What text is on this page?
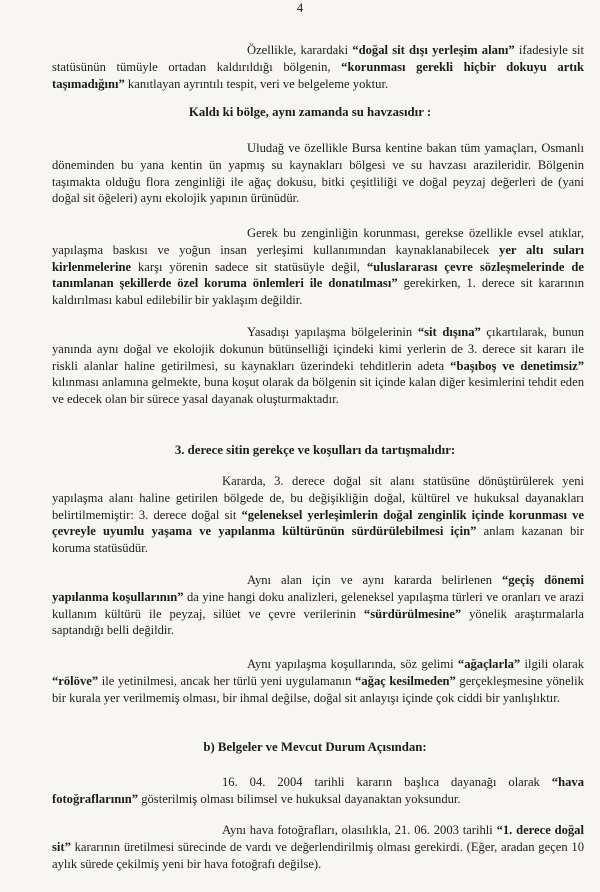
4

Özellikle, karardaki “doğal sit dışı yerleşim alanı” ifadesiyle sit statüsünün tümüyle ortadan kaldırıldığı bölgenin, “korunması gerekli hiçbir dokuyu artık taşımadığını” kanıtlayan ayrıntılı tespit, veri ve belgeleme yoktur.

Kaldı ki bölge, aynı zamanda su havzasıdır :

Uludağ ve özellikle Bursa kentine bakan tüm yamaçları, Osmanlı döneminden bu yana kentin ün yapmış su kaynakları bölgesi ve su havzası arazileridir. Bölgenin taşımakta olduğu flora zenginliği ile ağaç dokusu, bitki çeşitliliği ve doğal peyzaj değerleri de (yani doğal sit öğeleri) aynı ekolojik yapının ürünüdür.

Gerek bu zenginliğin korunması, gerekse özellikle evsel atıklar, yapılaşma baskısı ve yoğun insan yerleşimi kullanımından kaynaklanabilecek yer altı suları kirlenmelerine karşı yörenin sadece sit statüsüyle değil, “uluslararası çevre sözleşmelerinde de tanımlanan şekillerde özel koruma önlemleri ile donatılması” gerekirken, 1. derece sit kararının kaldırılması kabul edilebilir bir yaklaşım değildir.

Yasadışı yapılaşma bölgelerinin “sit dışına” çıkartılarak, bunun yanında aynı doğal ve ekolojik dokunun bütünselliği içindeki kimi yerlerin de 3. derece sit kararı ile riskli alanlar haline getirilmesi, su kaynakları üzerindeki tehditlerin adeta “başıboş ve denetimsiz” kılınması anlamına gelmekte, buna koşut olarak da bölgenin sit içinde kalan diğer kesimlerini tehdit eden ve edecek olan bir sürece yasal dayanak oluşturmaktadır.

3. derece sitin gerekçe ve koşulları da tartışmalıdır:

Kararda, 3. derece doğal sit alanı statüsüne dönüştürülerek yeni yapılaşma alanı haline getirilen bölgede de, bu değişikliğin doğal, kültürel ve hukuksal dayanakları belirtilmemiştir: 3. derece doğal sit “geleneksel yerleşimlerin doğal zenginlik içinde korunması ve çevreyle uyumlu yaşama ve yapılanma kültürünün sürdürülebilmesi için” anlam kazanan bir koruma statüsüdür.

Aynı alan için ve aynı kararda belirlenen “geçiş dönemi yapılanma koşullarının” da yine hangi doku analizleri, geleneksel yapılaşma türleri ve oranları ve arazi kullanım kültürü ile peyzaj, silüet ve çevre verilerinin “sürdürülmesine” yönelik araştırmalarla saptandığı belli değildir.

Aynı yapılaşma koşullarında, söz gelimi “ağaçlarla” ilgili olarak “rölöve” ile yetinilmesi, ancak her türlü yeni uygulamanın “ağaç kesilmeden” gerçekleşmesine yönelik bir kurala yer verilmemiş olması, bir ihmal değilse, doğal sit anlayışı içinde çok ciddi bir yanlışlıktır.

b) Belgeler ve Mevcut Durum Açısından:

16. 04. 2004 tarihli kararın başlıca dayanağı olarak “hava fotoğraflarının” gösterilmiş olması bilimsel ve hukuksal dayanaktan yoksundur.

Aynı hava fotoğrafları, olasılıkla, 21. 06. 2003 tarihli “1. derece doğal sit” kararının üretilmesi sürecinde de vardı ve değerlendirilmiş olması gerekirdi. (Eğer, aradan geçen 10 aylık sürede çekilmiş yeni bir hava fotoğrafı değilse).
